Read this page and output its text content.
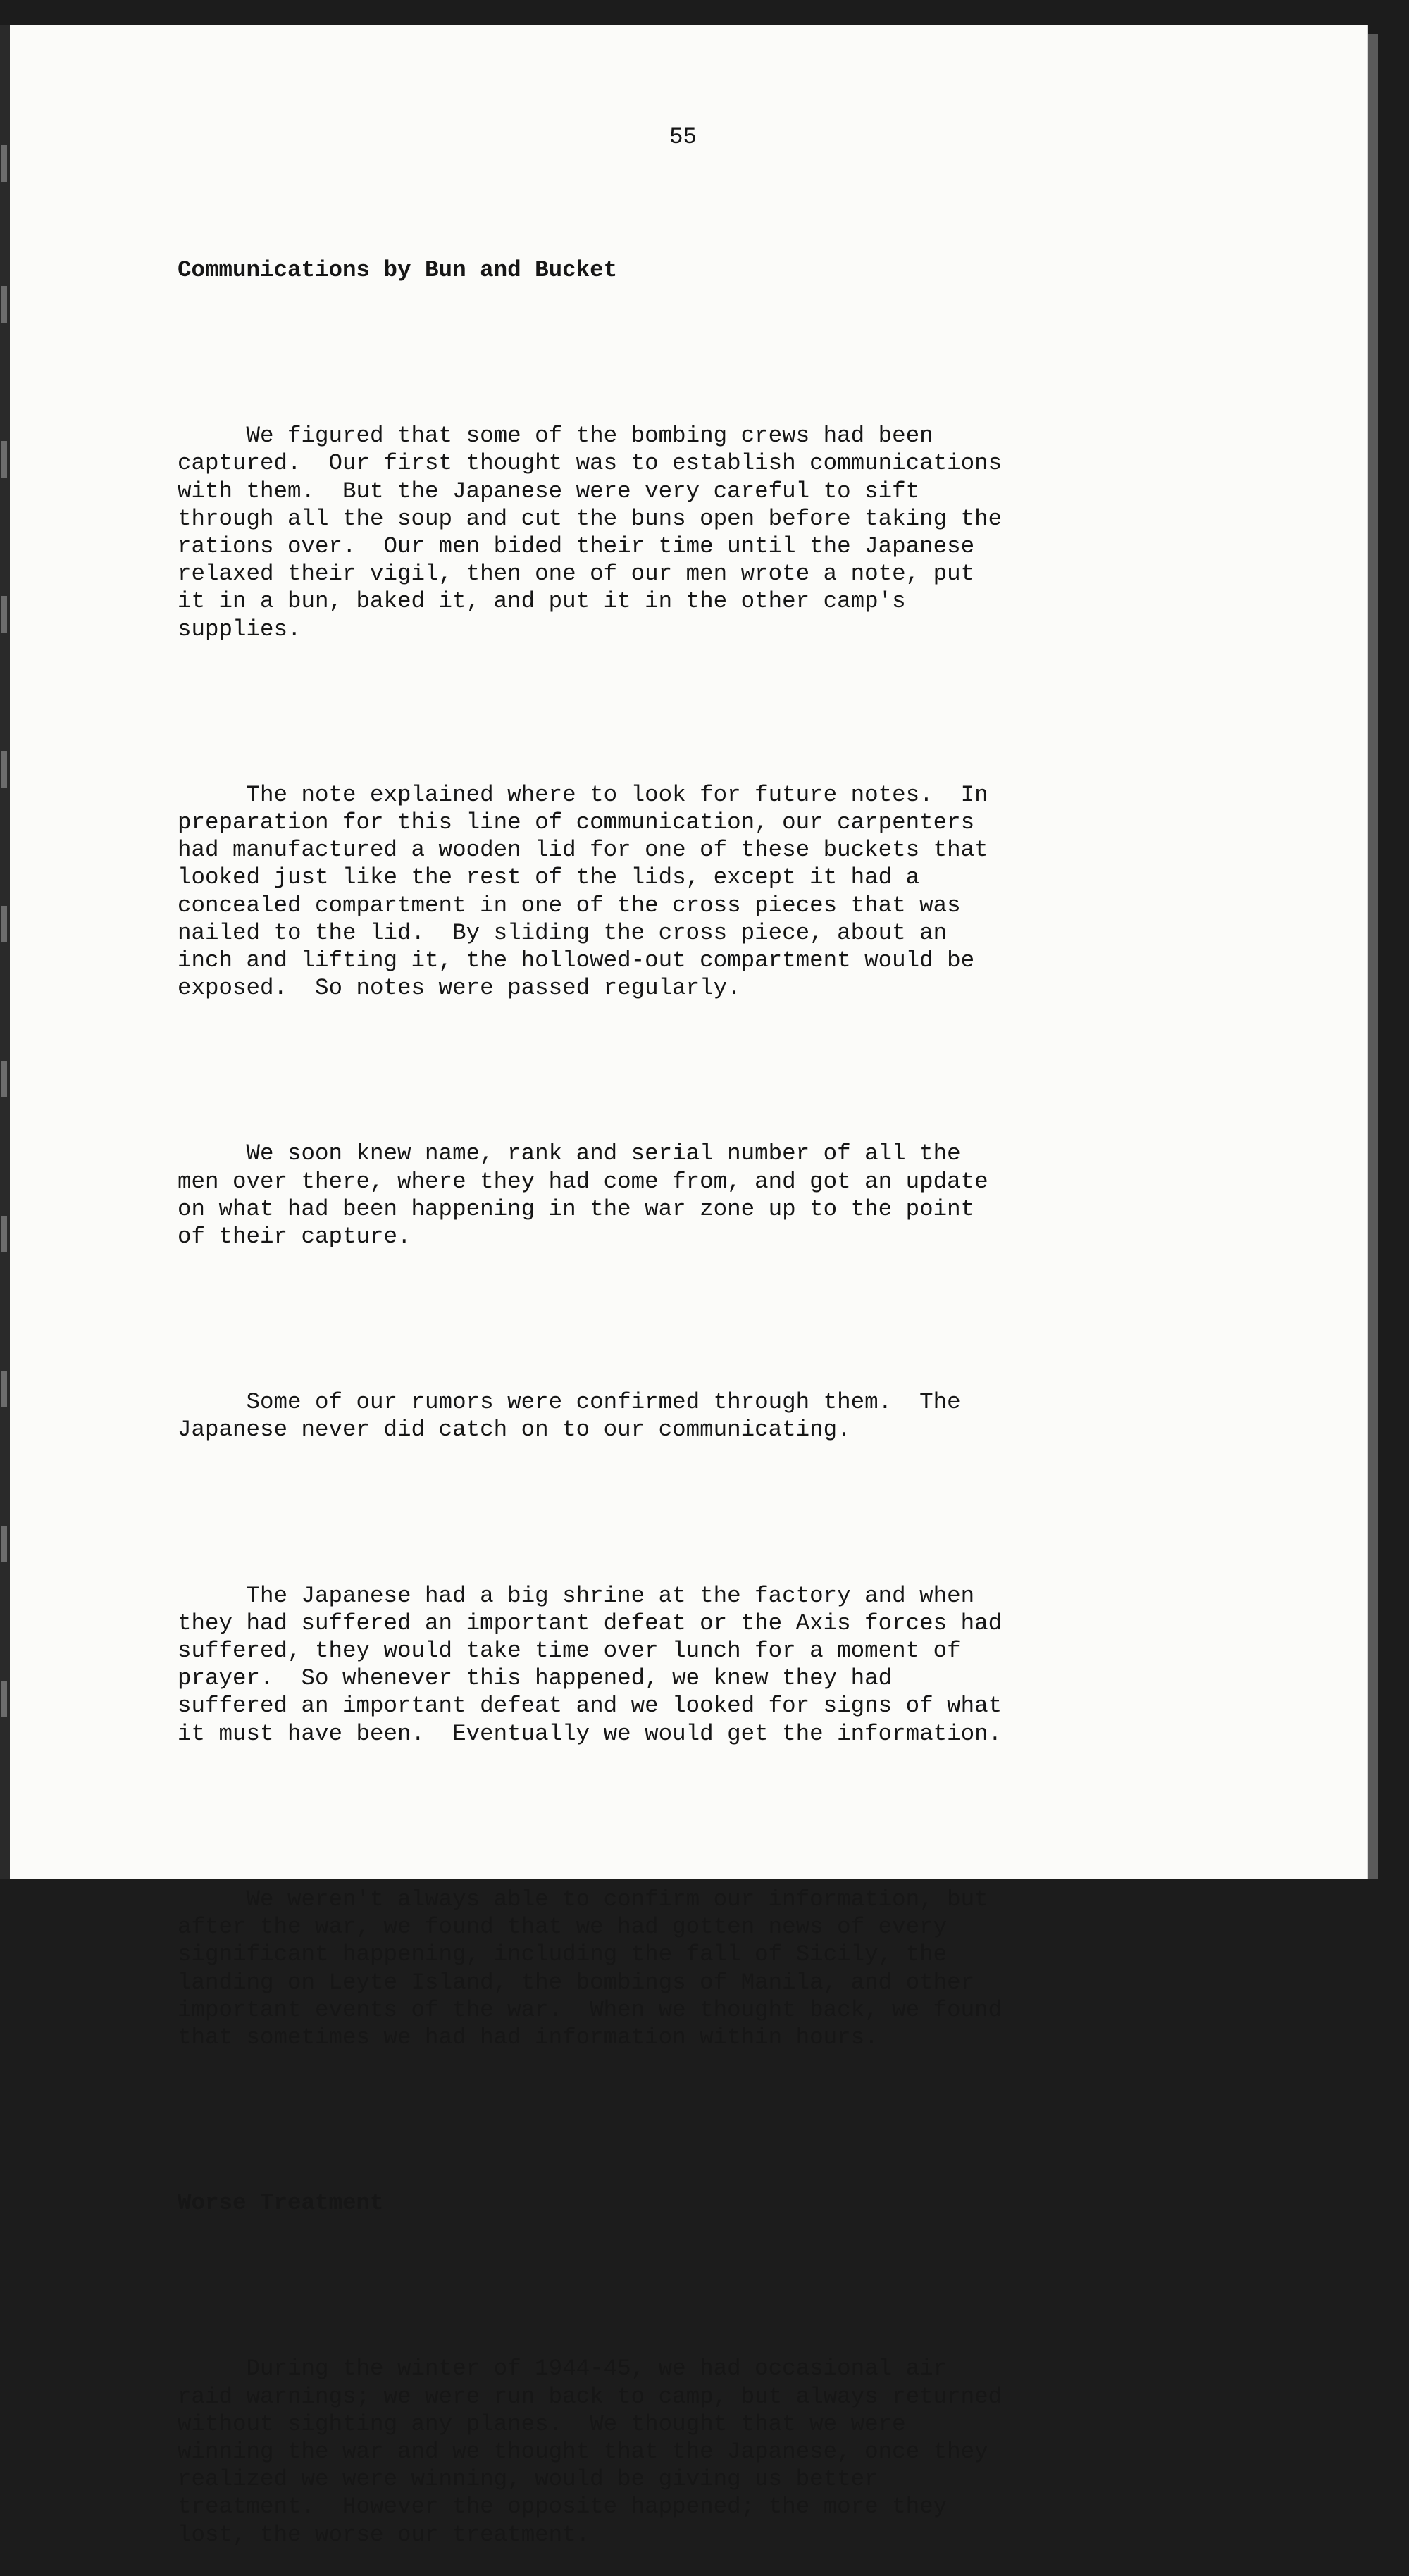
55

Communications by Bun and Bucket

We figured that some of the bombing crews had been
captured.  Our first thought was to establish communications
with them.  But the Japanese were very careful to sift
through all the soup and cut the buns open before taking the
rations over.  Our men bided their time until the Japanese
relaxed their vigil, then one of our men wrote a note, put
it in a bun, baked it, and put it in the other camp's
supplies.

The note explained where to look for future notes.  In
preparation for this line of communication, our carpenters
had manufactured a wooden lid for one of these buckets that
looked just like the rest of the lids, except it had a
concealed compartment in one of the cross pieces that was
nailed to the lid.  By sliding the cross piece, about an
inch and lifting it, the hollowed-out compartment would be
exposed.  So notes were passed regularly.

We soon knew name, rank and serial number of all the
men over there, where they had come from, and got an update
on what had been happening in the war zone up to the point
of their capture.

Some of our rumors were confirmed through them.  The
Japanese never did catch on to our communicating.

The Japanese had a big shrine at the factory and when
they had suffered an important defeat or the Axis forces had
suffered, they would take time over lunch for a moment of
prayer.  So whenever this happened, we knew they had
suffered an important defeat and we looked for signs of what
it must have been.  Eventually we would get the information.

We weren't always able to confirm our information, but
after the war, we found that we had gotten news of every
significant happening, including the fall of Sicily, the
landing on Leyte Island, the bombings of Manila, and other
important events of the war.  When we thought back, we found
that sometimes we had had information within hours.

Worse Treatment

During the winter of 1944-45, we had occasional air
raid warnings; we were run back to camp, but always returned
without sighting any planes.  We thought that we were
winning the war and we thought that the Japanese, once they
realized we were winning, would be giving us better
treatment.  However the opposite happened; the more they
lost, the worse our treatment.
